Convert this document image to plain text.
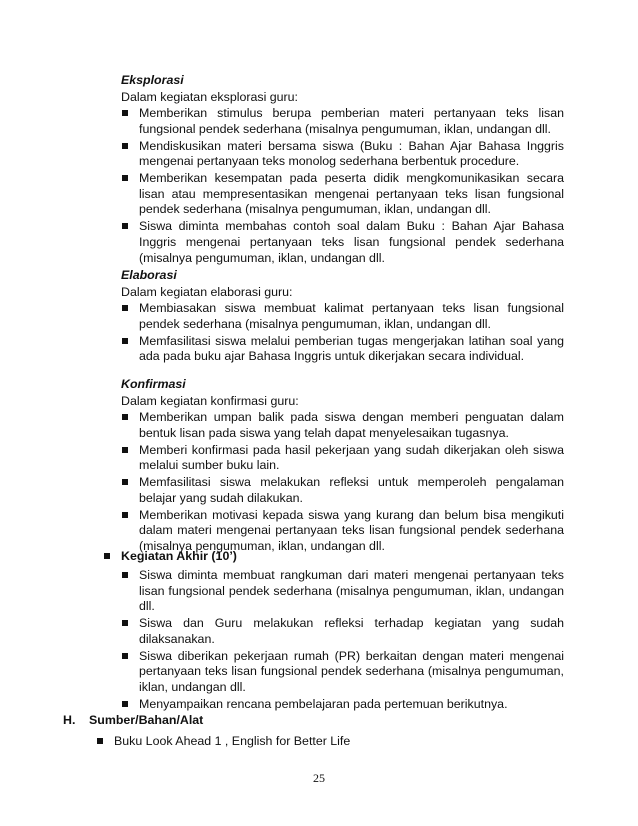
Eksplorasi

Dalam kegiatan eksplorasi guru:

Memberikan stimulus berupa pemberian materi pertanyaan teks lisan fungsional pendek sederhana (misalnya pengumuman, iklan, undangan dll.
Mendiskusikan materi bersama siswa (Buku : Bahan Ajar Bahasa Inggris mengenai pertanyaan teks monolog sederhana berbentuk procedure.
Memberikan kesempatan pada peserta didik mengkomunikasikan secara lisan atau mempresentasikan mengenai pertanyaan teks lisan fungsional pendek sederhana (misalnya pengumuman, iklan, undangan dll.
Siswa diminta membahas contoh soal dalam Buku : Bahan Ajar Bahasa Inggris mengenai pertanyaan teks lisan fungsional pendek sederhana (misalnya pengumuman, iklan, undangan dll.

Elaborasi

Dalam kegiatan elaborasi guru:

Membiasakan siswa membuat kalimat pertanyaan teks lisan fungsional pendek sederhana (misalnya pengumuman, iklan, undangan dll.
Memfasilitasi siswa melalui pemberian tugas mengerjakan latihan soal yang ada pada buku ajar Bahasa Inggris untuk dikerjakan secara individual.

Konfirmasi

Dalam kegiatan konfirmasi guru:

Memberikan umpan balik pada siswa dengan memberi penguatan dalam bentuk lisan pada siswa yang telah dapat menyelesaikan tugasnya.
Memberi konfirmasi pada hasil pekerjaan yang sudah dikerjakan oleh siswa melalui sumber buku lain.
Memfasilitasi siswa melakukan refleksi untuk memperoleh pengalaman belajar yang sudah dilakukan.
Memberikan motivasi kepada siswa yang kurang dan belum bisa mengikuti dalam materi mengenai pertanyaan teks lisan fungsional pendek sederhana (misalnya pengumuman, iklan, undangan dll.
Kegiatan Akhir (10’)
Siswa diminta membuat rangkuman dari materi mengenai pertanyaan teks lisan fungsional pendek sederhana (misalnya pengumuman, iklan, undangan dll.
Siswa dan Guru melakukan refleksi terhadap kegiatan yang sudah dilaksanakan.
Siswa diberikan pekerjaan rumah (PR) berkaitan dengan materi mengenai pertanyaan teks lisan fungsional pendek sederhana (misalnya pengumuman, iklan, undangan dll.
Menyampaikan rencana pembelajaran pada pertemuan berikutnya.
H. Sumber/Bahan/Alat
Buku Look Ahead 1 , English for Better Life
25
